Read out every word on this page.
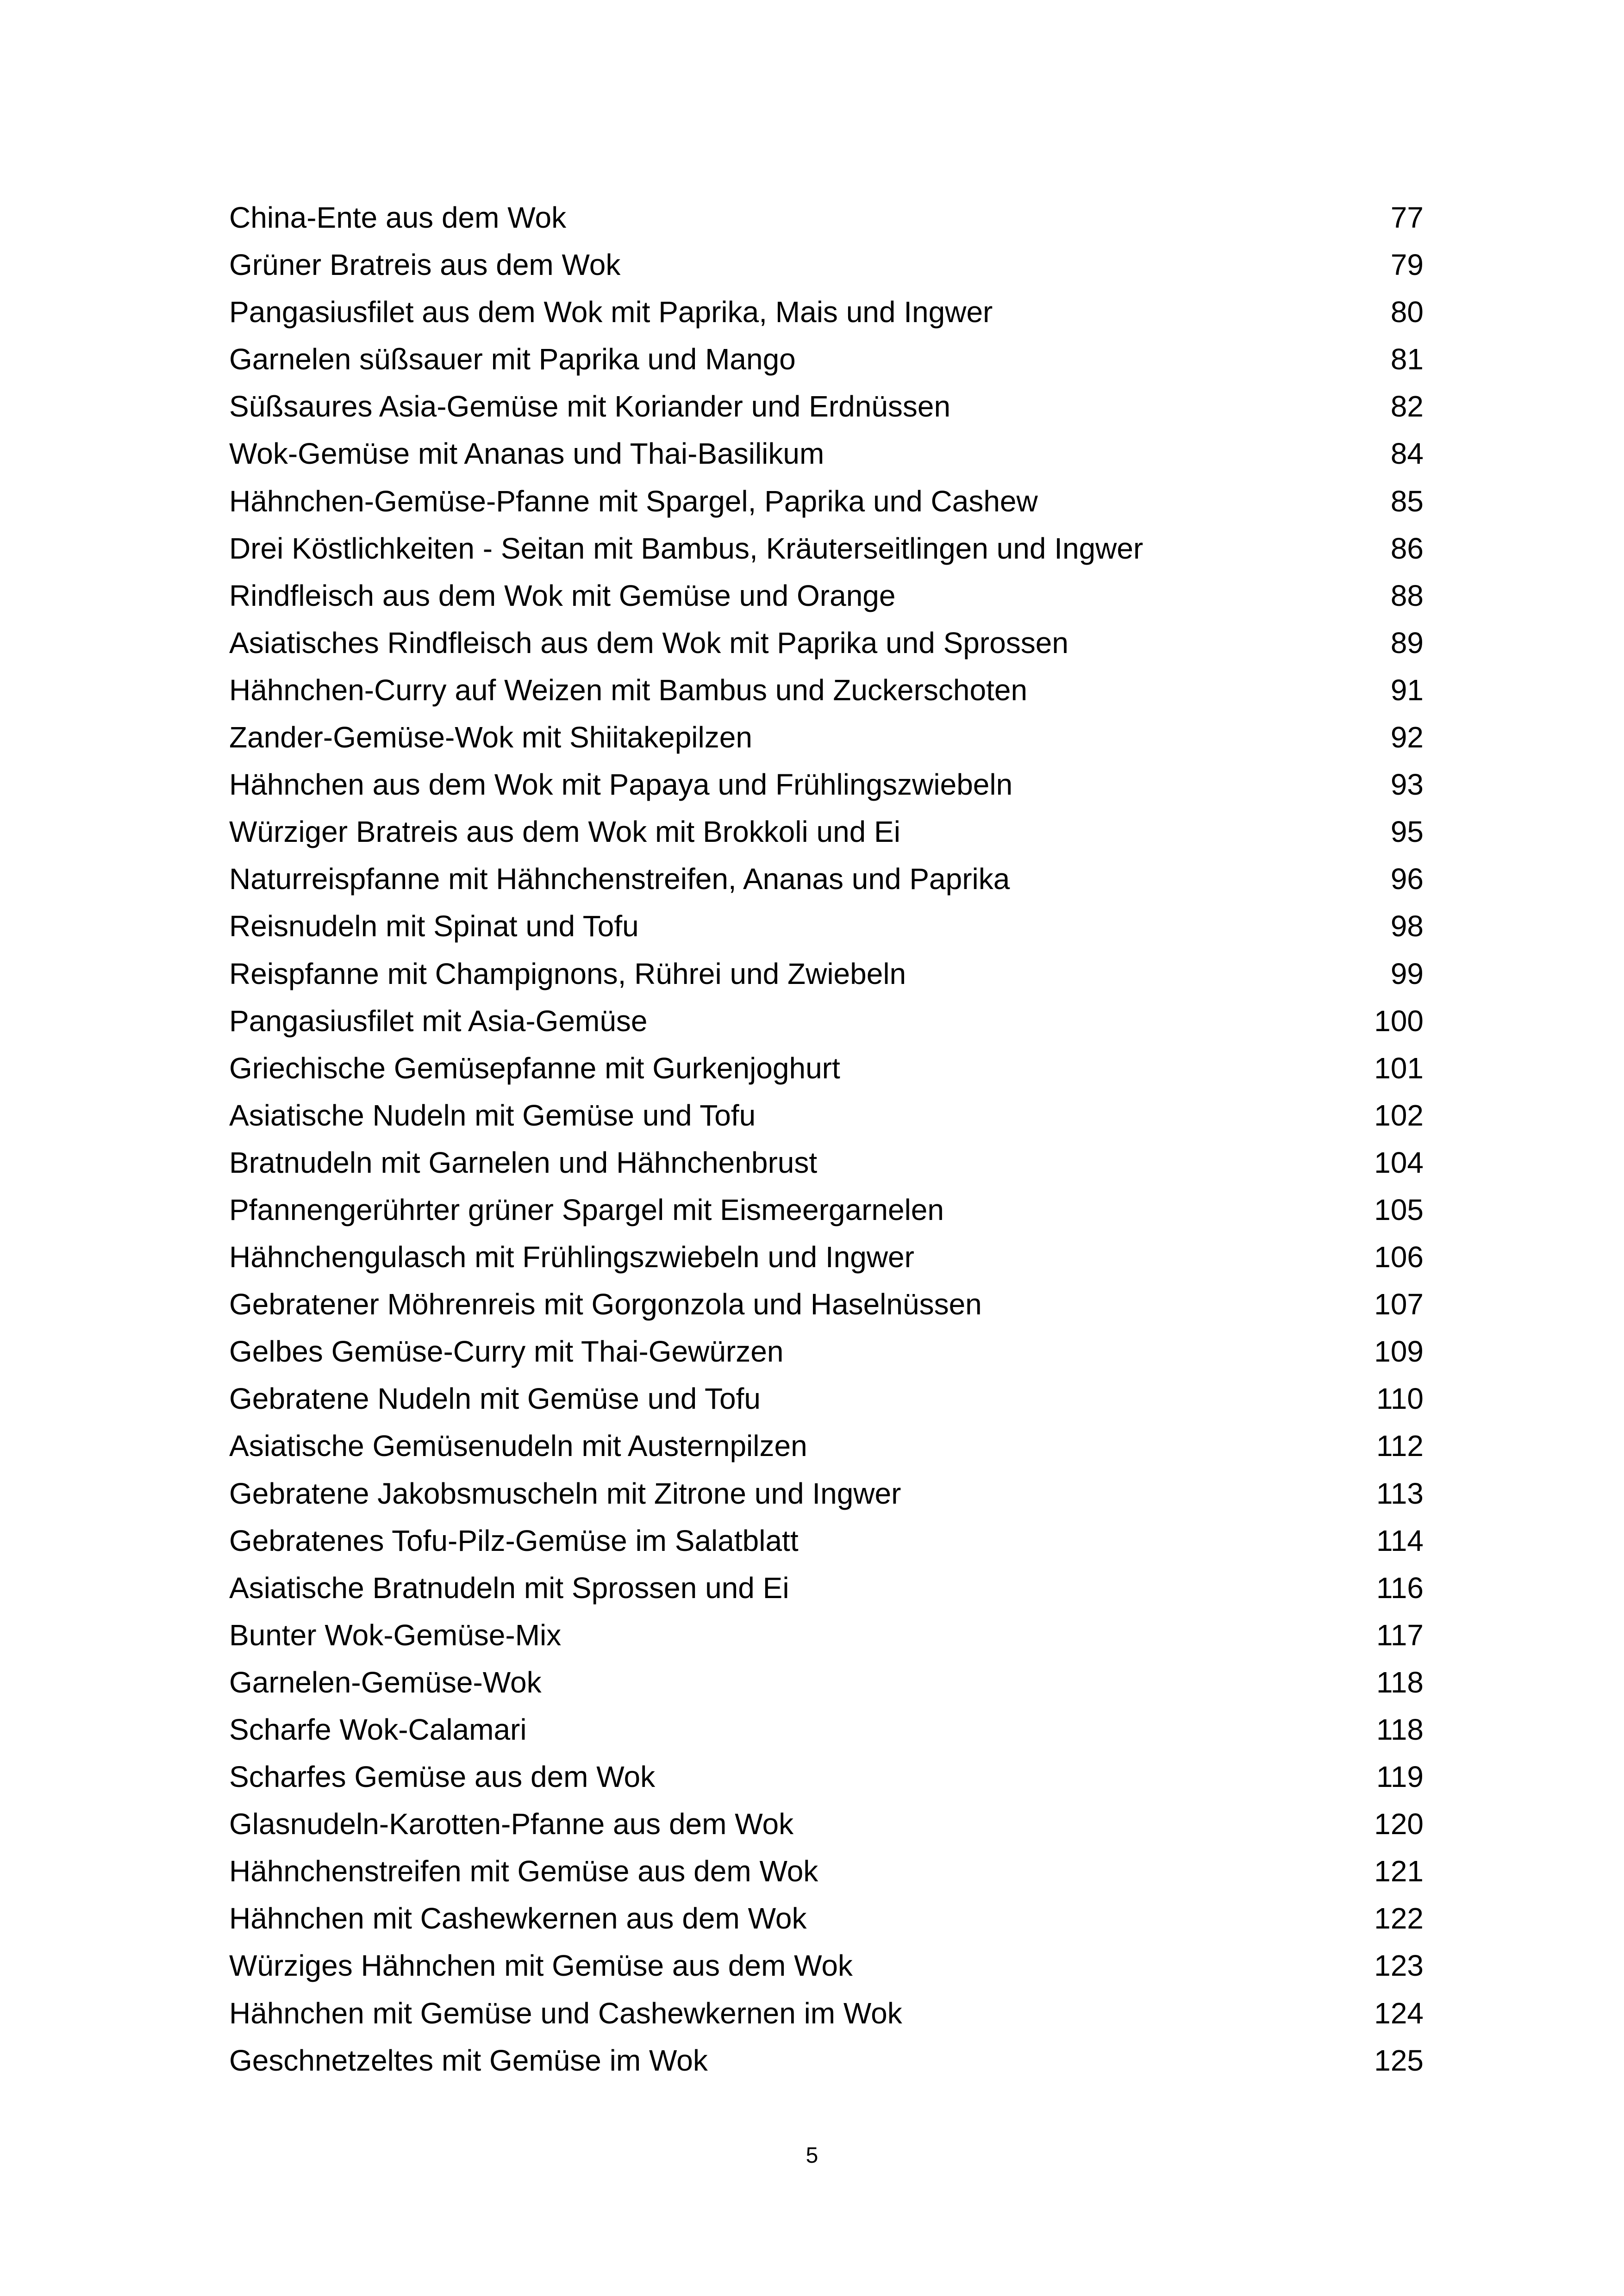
China-Ente aus dem Wok	77
Grüner Bratreis aus dem Wok	79
Pangasiusfilet aus dem Wok mit Paprika, Mais und Ingwer	80
Garnelen süßsauer mit Paprika und Mango	81
Süßsaures Asia-Gemüse mit Koriander und Erdnüssen	82
Wok-Gemüse mit Ananas und Thai-Basilikum	84
Hähnchen-Gemüse-Pfanne mit Spargel, Paprika und Cashew	85
Drei Köstlichkeiten - Seitan mit Bambus, Kräuterseitlingen und Ingwer	86
Rindfleisch aus dem Wok mit Gemüse und Orange	88
Asiatisches Rindfleisch aus dem Wok mit Paprika und Sprossen	89
Hähnchen-Curry auf Weizen mit Bambus und Zuckerschoten	91
Zander-Gemüse-Wok mit Shiitakepilzen	92
Hähnchen aus dem Wok mit Papaya und Frühlingszwiebeln	93
Würziger Bratreis aus dem Wok mit Brokkoli und Ei	95
Naturreispfanne mit Hähnchenstreifen, Ananas und Paprika	96
Reisnudeln mit Spinat und Tofu	98
Reispfanne mit Champignons, Rührei und Zwiebeln	99
Pangasiusfilet mit Asia-Gemüse	100
Griechische Gemüsepfanne mit Gurkenjoghurt	101
Asiatische Nudeln mit Gemüse und Tofu	102
Bratnudeln mit Garnelen und Hähnchenbrust	104
Pfannengerührter grüner Spargel mit Eismeergarnelen	105
Hähnchengulasch mit Frühlingszwiebeln und Ingwer	106
Gebratener Möhrenreis mit Gorgonzola und Haselnüssen	107
Gelbes Gemüse-Curry mit Thai-Gewürzen	109
Gebratene Nudeln mit Gemüse und Tofu	110
Asiatische Gemüsenudeln mit Austernpilzen	112
Gebratene Jakobsmuscheln mit Zitrone und Ingwer	113
Gebratenes Tofu-Pilz-Gemüse im Salatblatt	114
Asiatische Bratnudeln mit Sprossen und Ei	116
Bunter Wok-Gemüse-Mix	117
Garnelen-Gemüse-Wok	118
Scharfe Wok-Calamari	118
Scharfes Gemüse aus dem Wok	119
Glasnudeln-Karotten-Pfanne aus dem Wok	120
Hähnchenstreifen mit Gemüse aus dem Wok	121
Hähnchen mit Cashewkernen aus dem Wok	122
Würziges Hähnchen mit Gemüse aus dem Wok	123
Hähnchen mit Gemüse und Cashewkernen im Wok	124
Geschnetzeltes mit Gemüse im Wok	125
5
